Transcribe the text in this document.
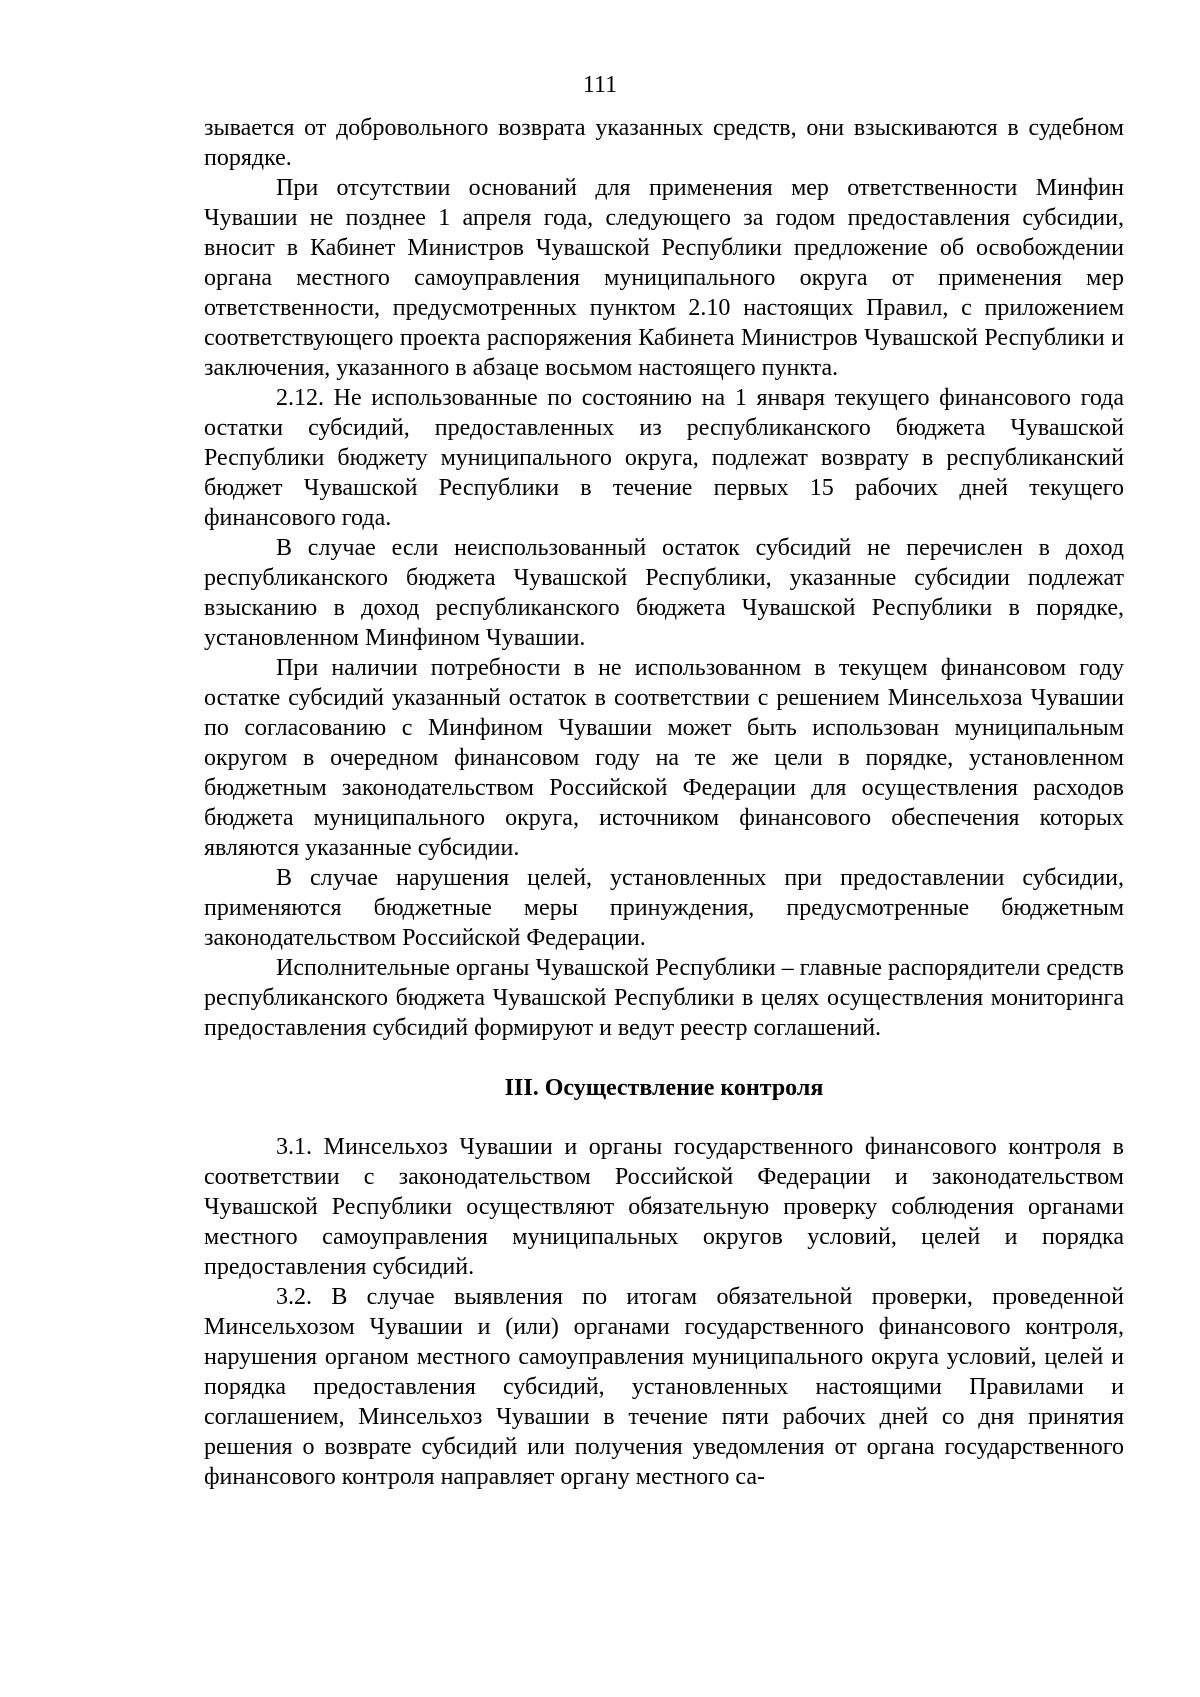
111

зывается от добровольного возврата указанных средств, они взыскиваются в судебном порядке.

При отсутствии оснований для применения мер ответственности Минфин Чувашии не позднее 1 апреля года, следующего за годом предоставления субсидии, вносит в Кабинет Министров Чувашской Республики предложение об освобождении органа местного самоуправления муниципального округа от применения мер ответственности, предусмотренных пунктом 2.10 настоящих Правил, с приложением соответствующего проекта распоряжения Кабинета Министров Чувашской Республики и заключения, указанного в абзаце восьмом настоящего пункта.

2.12. Не использованные по состоянию на 1 января текущего финансового года остатки субсидий, предоставленных из республиканского бюджета Чувашской Республики бюджету муниципального округа, подлежат возврату в республиканский бюджет Чувашской Республики в течение первых 15 рабочих дней текущего финансового года.

В случае если неиспользованный остаток субсидий не перечислен в доход республиканского бюджета Чувашской Республики, указанные субсидии подлежат взысканию в доход республиканского бюджета Чувашской Республики в порядке, установленном Минфином Чувашии.

При наличии потребности в не использованном в текущем финансовом году остатке субсидий указанный остаток в соответствии с решением Минсельхоза Чувашии по согласованию с Минфином Чувашии может быть использован муниципальным округом в очередном финансовом году на те же цели в порядке, установленном бюджетным законодательством Российской Федерации для осуществления расходов бюджета муниципального округа, источником финансового обеспечения которых являются указанные субсидии.

В случае нарушения целей, установленных при предоставлении субсидии, применяются бюджетные меры принуждения, предусмотренные бюджетным законодательством Российской Федерации.

Исполнительные органы Чувашской Республики – главные распорядители средств республиканского бюджета Чувашской Республики в целях осуществления мониторинга предоставления субсидий формируют и ведут реестр соглашений.

III. Осуществление контроля

3.1. Минсельхоз Чувашии и органы государственного финансового контроля в соответствии с законодательством Российской Федерации и законодательством Чувашской Республики осуществляют обязательную проверку соблюдения органами местного самоуправления муниципальных округов условий, целей и порядка предоставления субсидий.

3.2. В случае выявления по итогам обязательной проверки, проведенной Минсельхозом Чувашии и (или) органами государственного финансового контроля, нарушения органом местного самоуправления муниципального округа условий, целей и порядка предоставления субсидий, установленных настоящими Правилами и соглашением, Минсельхоз Чувашии в течение пяти рабочих дней со дня принятия решения о возврате субсидий или получения уведомления от органа государственного финансового контроля направляет органу местного са-
